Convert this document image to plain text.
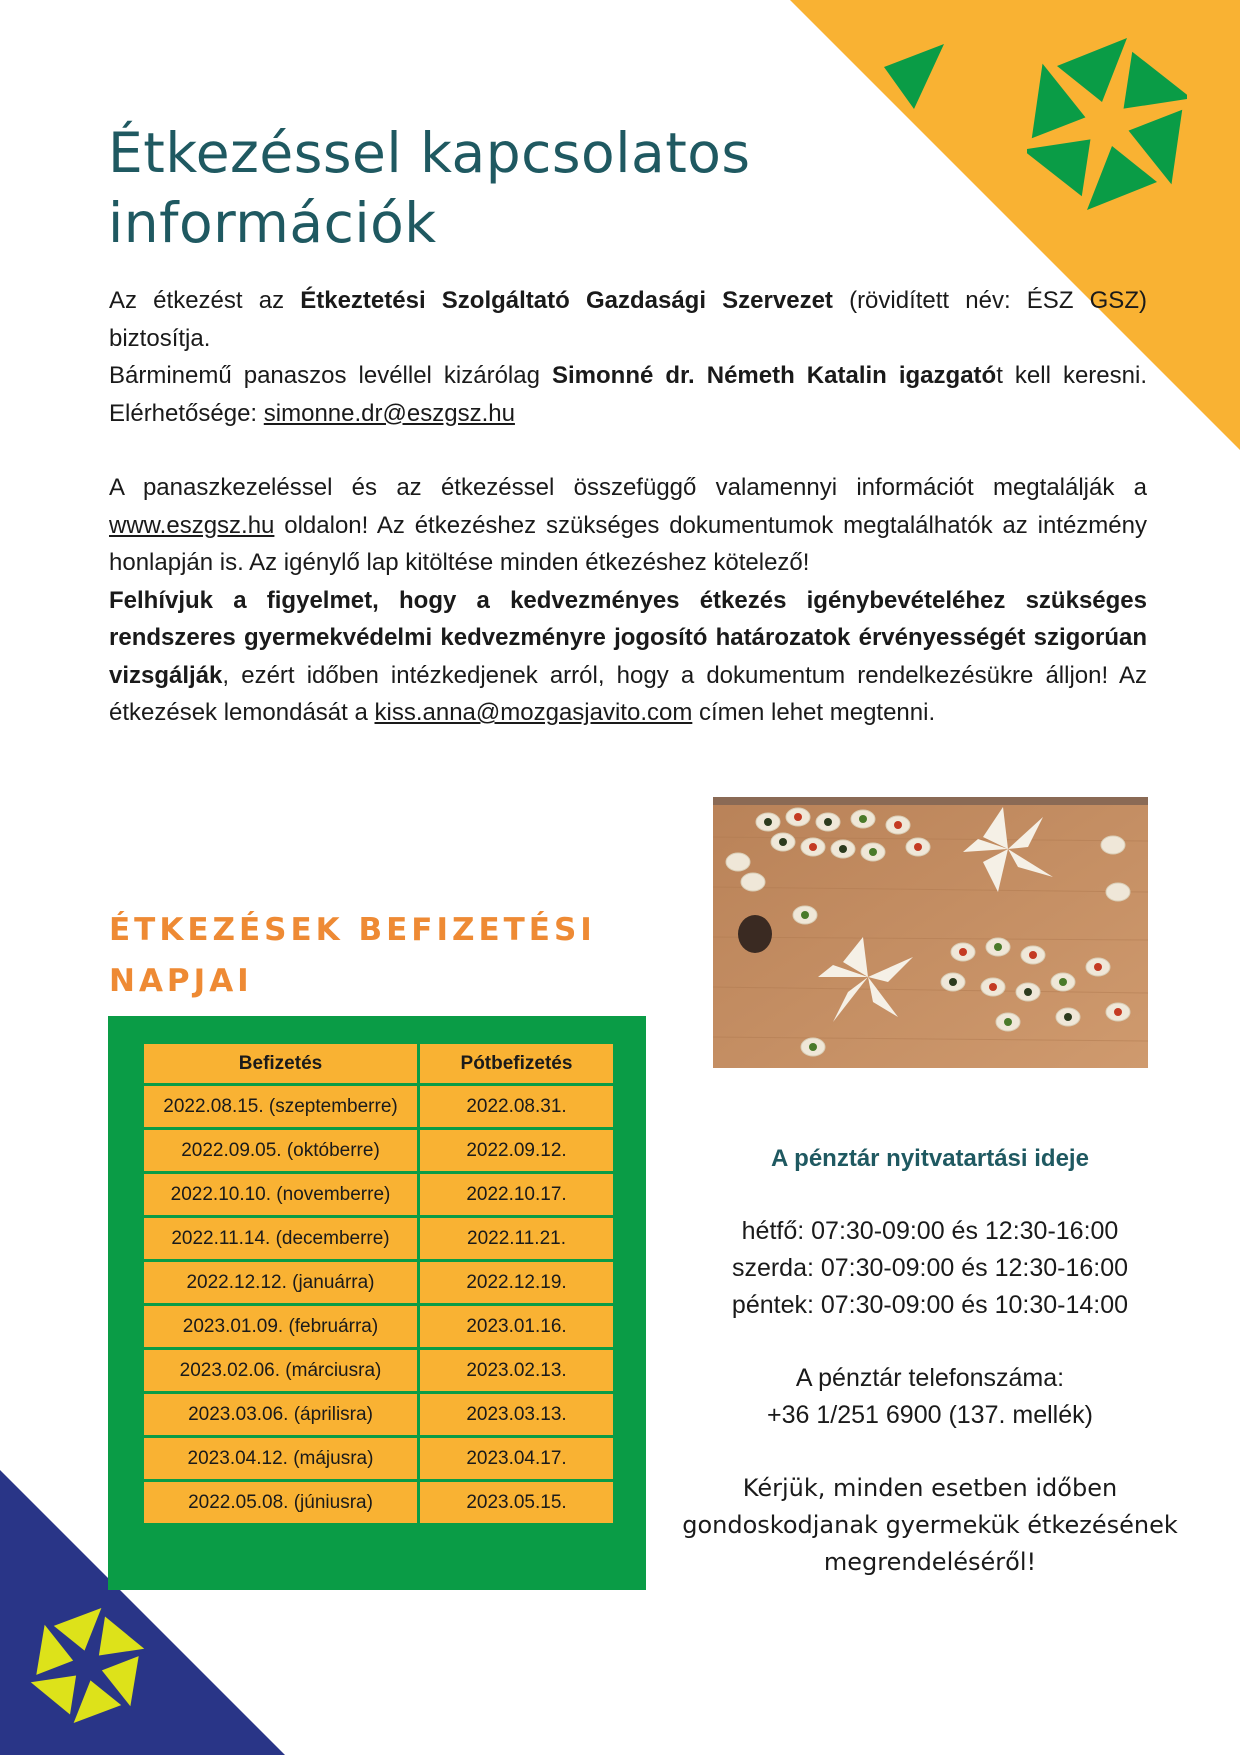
Étkezéssel kapcsolatos
információk

Az étkezést az Étkeztetési Szolgáltató Gazdasági Szervezet (rövidített név: ÉSZ GSZ) biztosítja.

Bárminemű panaszos levéllel kizárólag Simonné dr. Németh Katalin igazgatót kell keresni. Elérhetősége: simonne.dr@eszgsz.hu

A panaszkezeléssel és az étkezéssel összefüggő valamennyi információt megtalálják a www.eszgsz.hu oldalon! Az étkezéshez szükséges dokumentumok megtalálhatók az intézmény honlapján is. Az igénylő lap kitöltése minden étkezéshez kötelező!

Felhívjuk a figyelmet, hogy a kedvezményes étkezés igénybevételéhez szükséges rendszeres gyermekvédelmi kedvezményre jogosító határozatok érvényességét szigorúan vizsgálják, ezért időben intézkedjenek arról, hogy a dokumentum rendelkezésükre álljon! Az étkezések lemondását a kiss.anna@mozgasjavito.com címen lehet megtenni.

ÉTKEZÉSEK BEFIZETÉSI
NAPJAI
Befizetés	Pótbefizetés
2022.08.15. (szeptemberre)	2022.08.31.
2022.09.05. (októberre)	2022.09.12.
2022.10.10. (novemberre)	2022.10.17.
2022.11.14. (decemberre)	2022.11.21.
2022.12.12. (januárra)	2022.12.19.
2023.01.09. (februárra)	2023.01.16.
2023.02.06. (márciusra)	2023.02.13.
2023.03.06. (áprilisra)	2023.03.13.
2023.04.12. (májusra)	2023.04.17.
2022.05.08. (júniusra)	2023.05.15.

A pénztár nyitvatartási ideje

hétfő: 07:30-09:00 és 12:30-16:00

szerda: 07:30-09:00 és 12:30-16:00

péntek: 07:30-09:00 és 10:30-14:00

A pénztár telefonszáma:

+36 1/251 6900 (137. mellék)

Kérjük, minden esetben időben

gondoskodjanak gyermekük étkezésének

megrendeléséről!
